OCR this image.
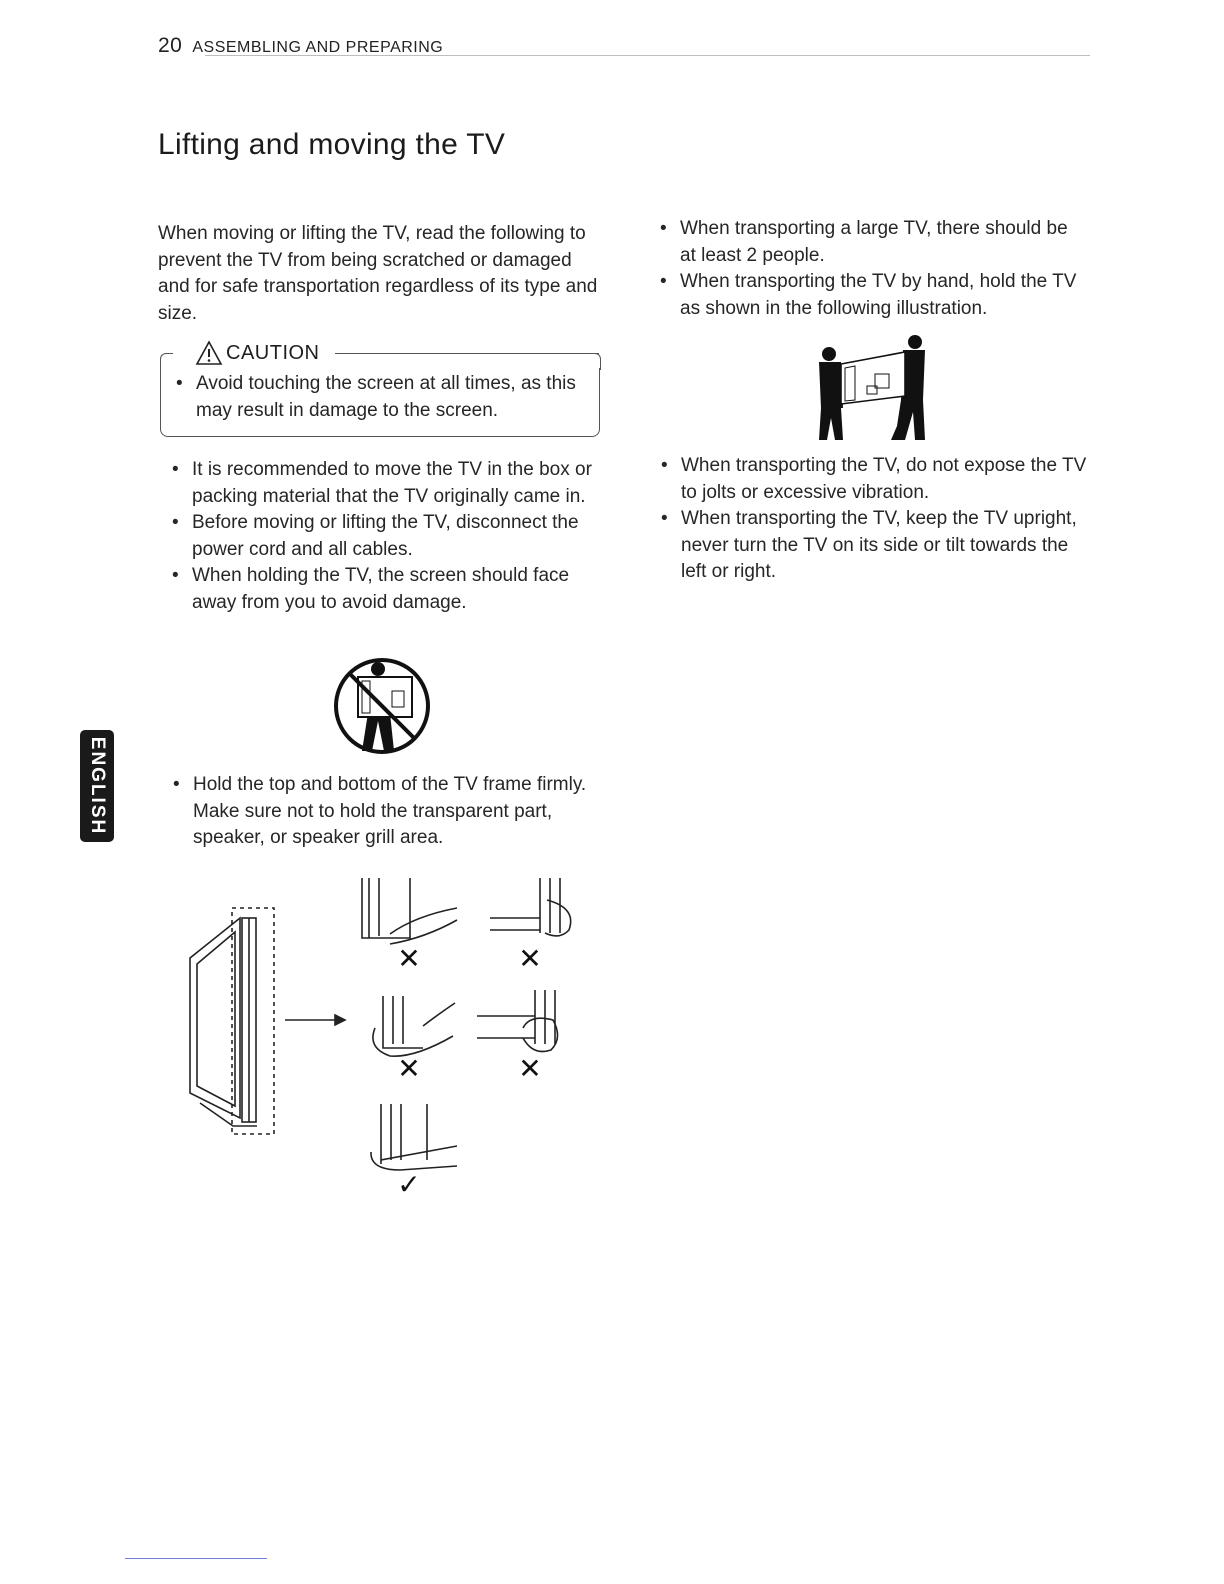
20 ASSEMBLING AND PREPARING
Lifting and moving the TV
When moving or lifting the TV, read the following to prevent the TV from being scratched or damaged and for safe transportation regardless of its type and size.
CAUTION
• Avoid touching the screen at all times, as this may result in damage to the screen.
• It is recommended to move the TV in the box or packing material that the TV originally came in.
• Before moving or lifting the TV, disconnect the power cord and all cables.
• When holding the TV, the screen should face away from you to avoid damage.
• Hold the top and bottom of the TV frame firmly. Make sure not to hold the transparent part, speaker, or speaker grill area.
✕	✕
✕	✕
✓
• When transporting a large TV, there should be at least 2 people.
• When transporting the TV by hand, hold the TV as shown in the following illustration.
• When transporting the TV, do not expose the TV to jolts or excessive vibration.
• When transporting the TV, keep the TV upright, never turn the TV on its side or tilt towards the left or right.
ENGLISH
